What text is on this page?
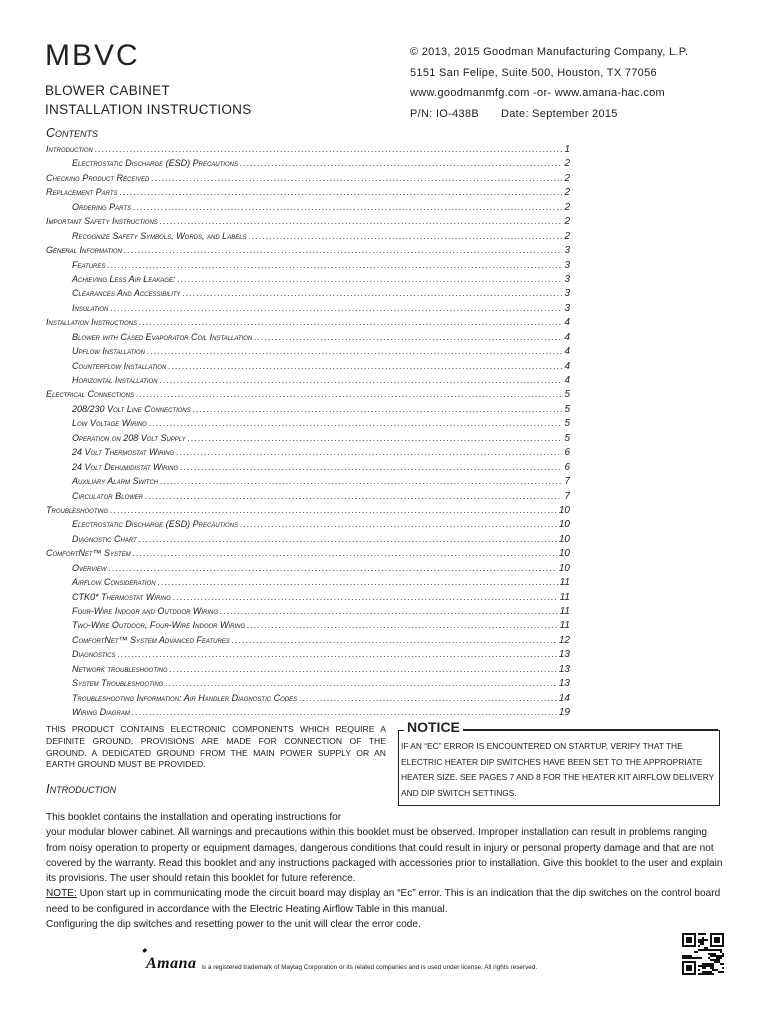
MBVC
BLOWER CABINET
INSTALLATION INSTRUCTIONS
© 2013, 2015 Goodman Manufacturing Company, L.P.
5151 San Felipe, Suite 500, Houston, TX 77056
www.goodmanmfg.com -or- www.amana-hac.com
P/N: IO-438B Date: September 2015
Contents
Introduction .....	1
Electrostatic Discharge (ESD) Precautions .....	2
Checking Product Received .....	2
Replacement Parts .....	2
Ordering Parts .....	2
Important Safety Instructions .....	2
Recognize Safety Symbols, Words, and Labels .....	2
General Information .....	3
Features .....	3
Achieving Less Air Leakage: .....	3
Clearances And Accessibility .....	3
Insulation .....	3
Installation Instructions .....	4
Blower with Cased Evaporator Coil Installation .....	4
Upflow Installation .....	4
Counterflow Installation .....	4
Horizontal Installation .....	4
Electrical Connections .....	5
208/230 Volt Line Connections .....	5
Low Voltage Wiring .....	5
Operation on 208 Volt Supply .....	5
24 Volt Thermostat Wiring .....	6
24 Volt Dehumidistat Wiring .....	6
Auxiliary Alarm Switch .....	7
Circulator Blower .....	7
Troubleshooting .....	10
Electrostatic Discharge (ESD) Precautions .....	10
Diagnostic Chart .....	10
ComfortNet™ System .....	10
Overview .....	10
Airflow Consideration .....	11
CTK0* Thermostat Wiring .....	11
Four-Wire Indoor and Outdoor Wiring .....	11
Two-Wire Outdoor, Four-Wire Indoor Wiring .....	11
ComfortNet™ System Advanced Features .....	12
Diagnostics .....	13
Network troubleshooting .....	13
System Troubleshooting .....	13
Troubleshooting Information: Air Handler Diagnostic Codes .....	14
Wiring Diagram .....	19
THIS PRODUCT CONTAINS ELECTRONIC COMPONENTS WHICH REQUIRE A DEFINITE GROUND. PROVISIONS ARE MADE FOR CONNECTION OF THE GROUND. A DEDICATED GROUND FROM THE MAIN POWER SUPPLY OR AN EARTH GROUND MUST BE PROVIDED.
NOTICE
IF AN “EC” ERROR IS ENCOUNTERED ON STARTUP, VERIFY THAT THE ELECTRIC HEATER DIP SWITCHES HAVE BEEN SET TO THE APPROPRIATE HEATER SIZE. SEE PAGES 7 AND 8 FOR THE HEATER KIT AIRFLOW DELIVERY AND DIP SWITCH SETTINGS.
Introduction

This booklet contains the installation and operating instructions for

your modular blower cabinet. All warnings and precautions within this booklet must be observed. Improper installation can result in problems ranging from noisy operation to property or equipment damages, dangerous conditions that could result in injury or personal property damage and that are not covered by the warranty. Read this booklet and any instructions packaged with accessories prior to installation. Give this booklet to the user and explain its provisions. The user should retain this booklet for future reference.

NOTE: Upon start up in communicating mode the circuit board may display an “Ec” error. This is an indication that the dip switches on the control board need to be configured in accordance with the Electric Heating Airflow Table in this manual.

Configuring the dip switches and resetting power to the unit will clear the error code.

◆
Amana is a registered trademark of Maytag Corporation or its related companies and is used under license. All rights reserved.
